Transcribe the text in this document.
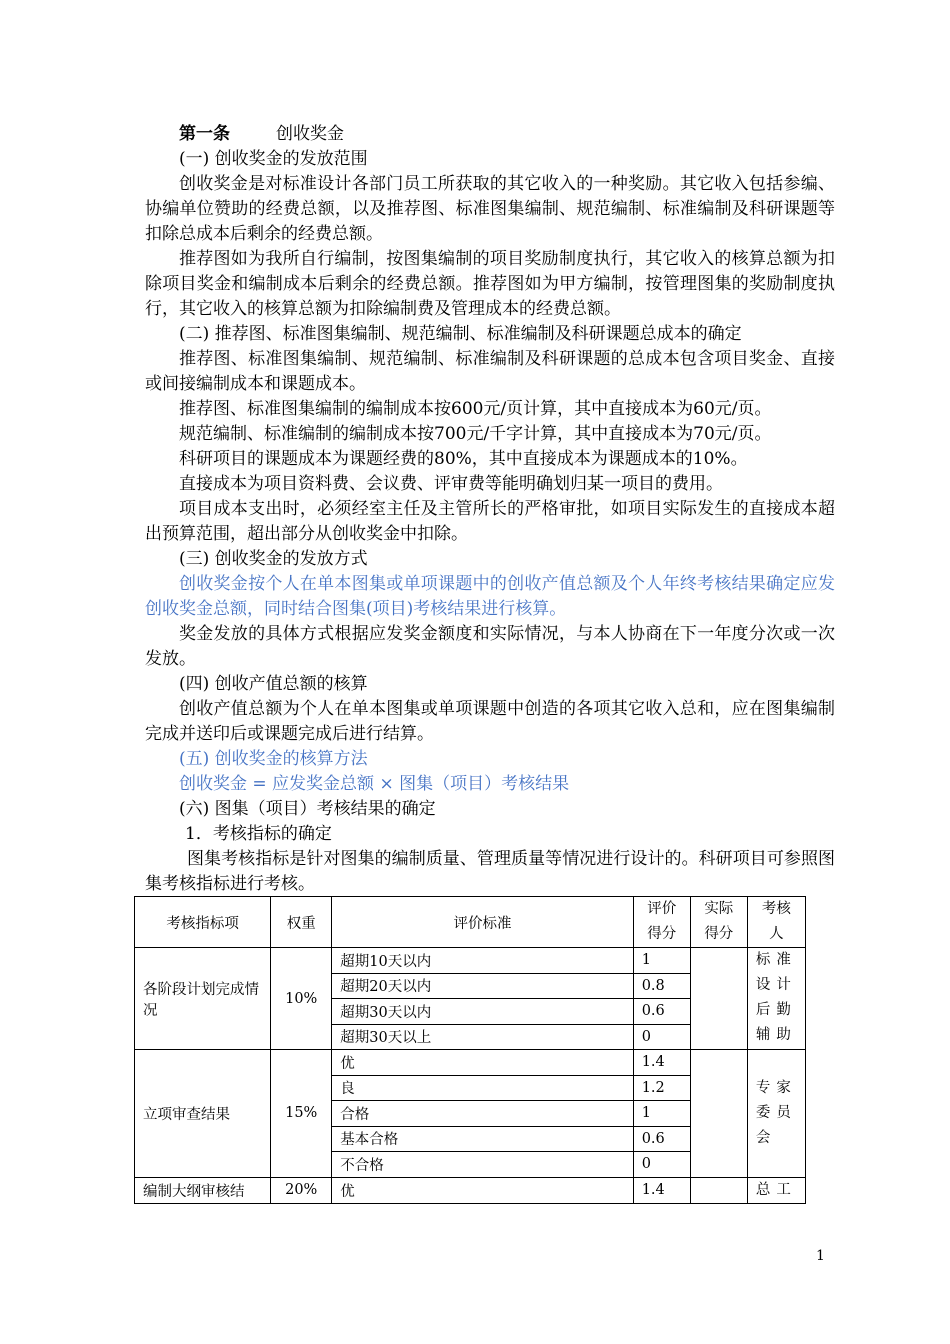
第一条	创收奖金

(一) 创收奖金的发放范围

创收奖金是对标准设计各部门员工所获取的其它收入的一种奖励。其它收入包括参编、协编单位赞助的经费总额，以及推荐图、标准图集编制、规范编制、标准编制及科研课题等扣除总成本后剩余的经费总额。

推荐图如为我所自行编制，按图集编制的项目奖励制度执行，其它收入的核算总额为扣除项目奖金和编制成本后剩余的经费总额。推荐图如为甲方编制，按管理图集的奖励制度执行，其它收入的核算总额为扣除编制费及管理成本的经费总额。

(二) 推荐图、标准图集编制、规范编制、标准编制及科研课题总成本的确定

推荐图、标准图集编制、规范编制、标准编制及科研课题的总成本包含项目奖金、直接或间接编制成本和课题成本。

推荐图、标准图集编制的编制成本按600元/页计算，其中直接成本为60元/页。

规范编制、标准编制的编制成本按700元/千字计算，其中直接成本为70元/页。

科研项目的课题成本为课题经费的80%，其中直接成本为课题成本的10%。

直接成本为项目资料费、会议费、评审费等能明确划归某一项目的费用。

项目成本支出时，必须经室主任及主管所长的严格审批，如项目实际发生的直接成本超出预算范围，超出部分从创收奖金中扣除。

(三) 创收奖金的发放方式

创收奖金按个人在单本图集或单项课题中的创收产值总额及个人年终考核结果确定应发创收奖金总额，同时结合图集(项目)考核结果进行核算。

奖金发放的具体方式根据应发奖金额度和实际情况，与本人协商在下一年度分次或一次发放。

(四) 创收产值总额的核算

创收产值总额为个人在单本图集或单项课题中创造的各项其它收入总和，应在图集编制完成并送印后或课题完成后进行结算。

(五) 创收奖金的核算方法

创收奖金 = 应发奖金总额 × 图集（项目）考核结果

(六) 图集（项目）考核结果的确定

1．考核指标的确定

图集考核指标是针对图集的编制质量、管理质量等情况进行设计的。科研项目可参照图集考核指标进行考核。

考核指标项	权重	评价标准	评价得分	实际得分	考核人
各阶段计划完成情况	10%	超期10天以内	1		标准设计后勤辅助
		超期20天以内	0.8		
		超期30天以内	0.6		
		超期30天以上	0		
立项审查结果	15%	优	1.4		专家委员会
		良	1.2		
		合格	1		
		基本合格	0.6		
		不合格	0		
编制大纲审核结	20%	优	1.4		总工
1
